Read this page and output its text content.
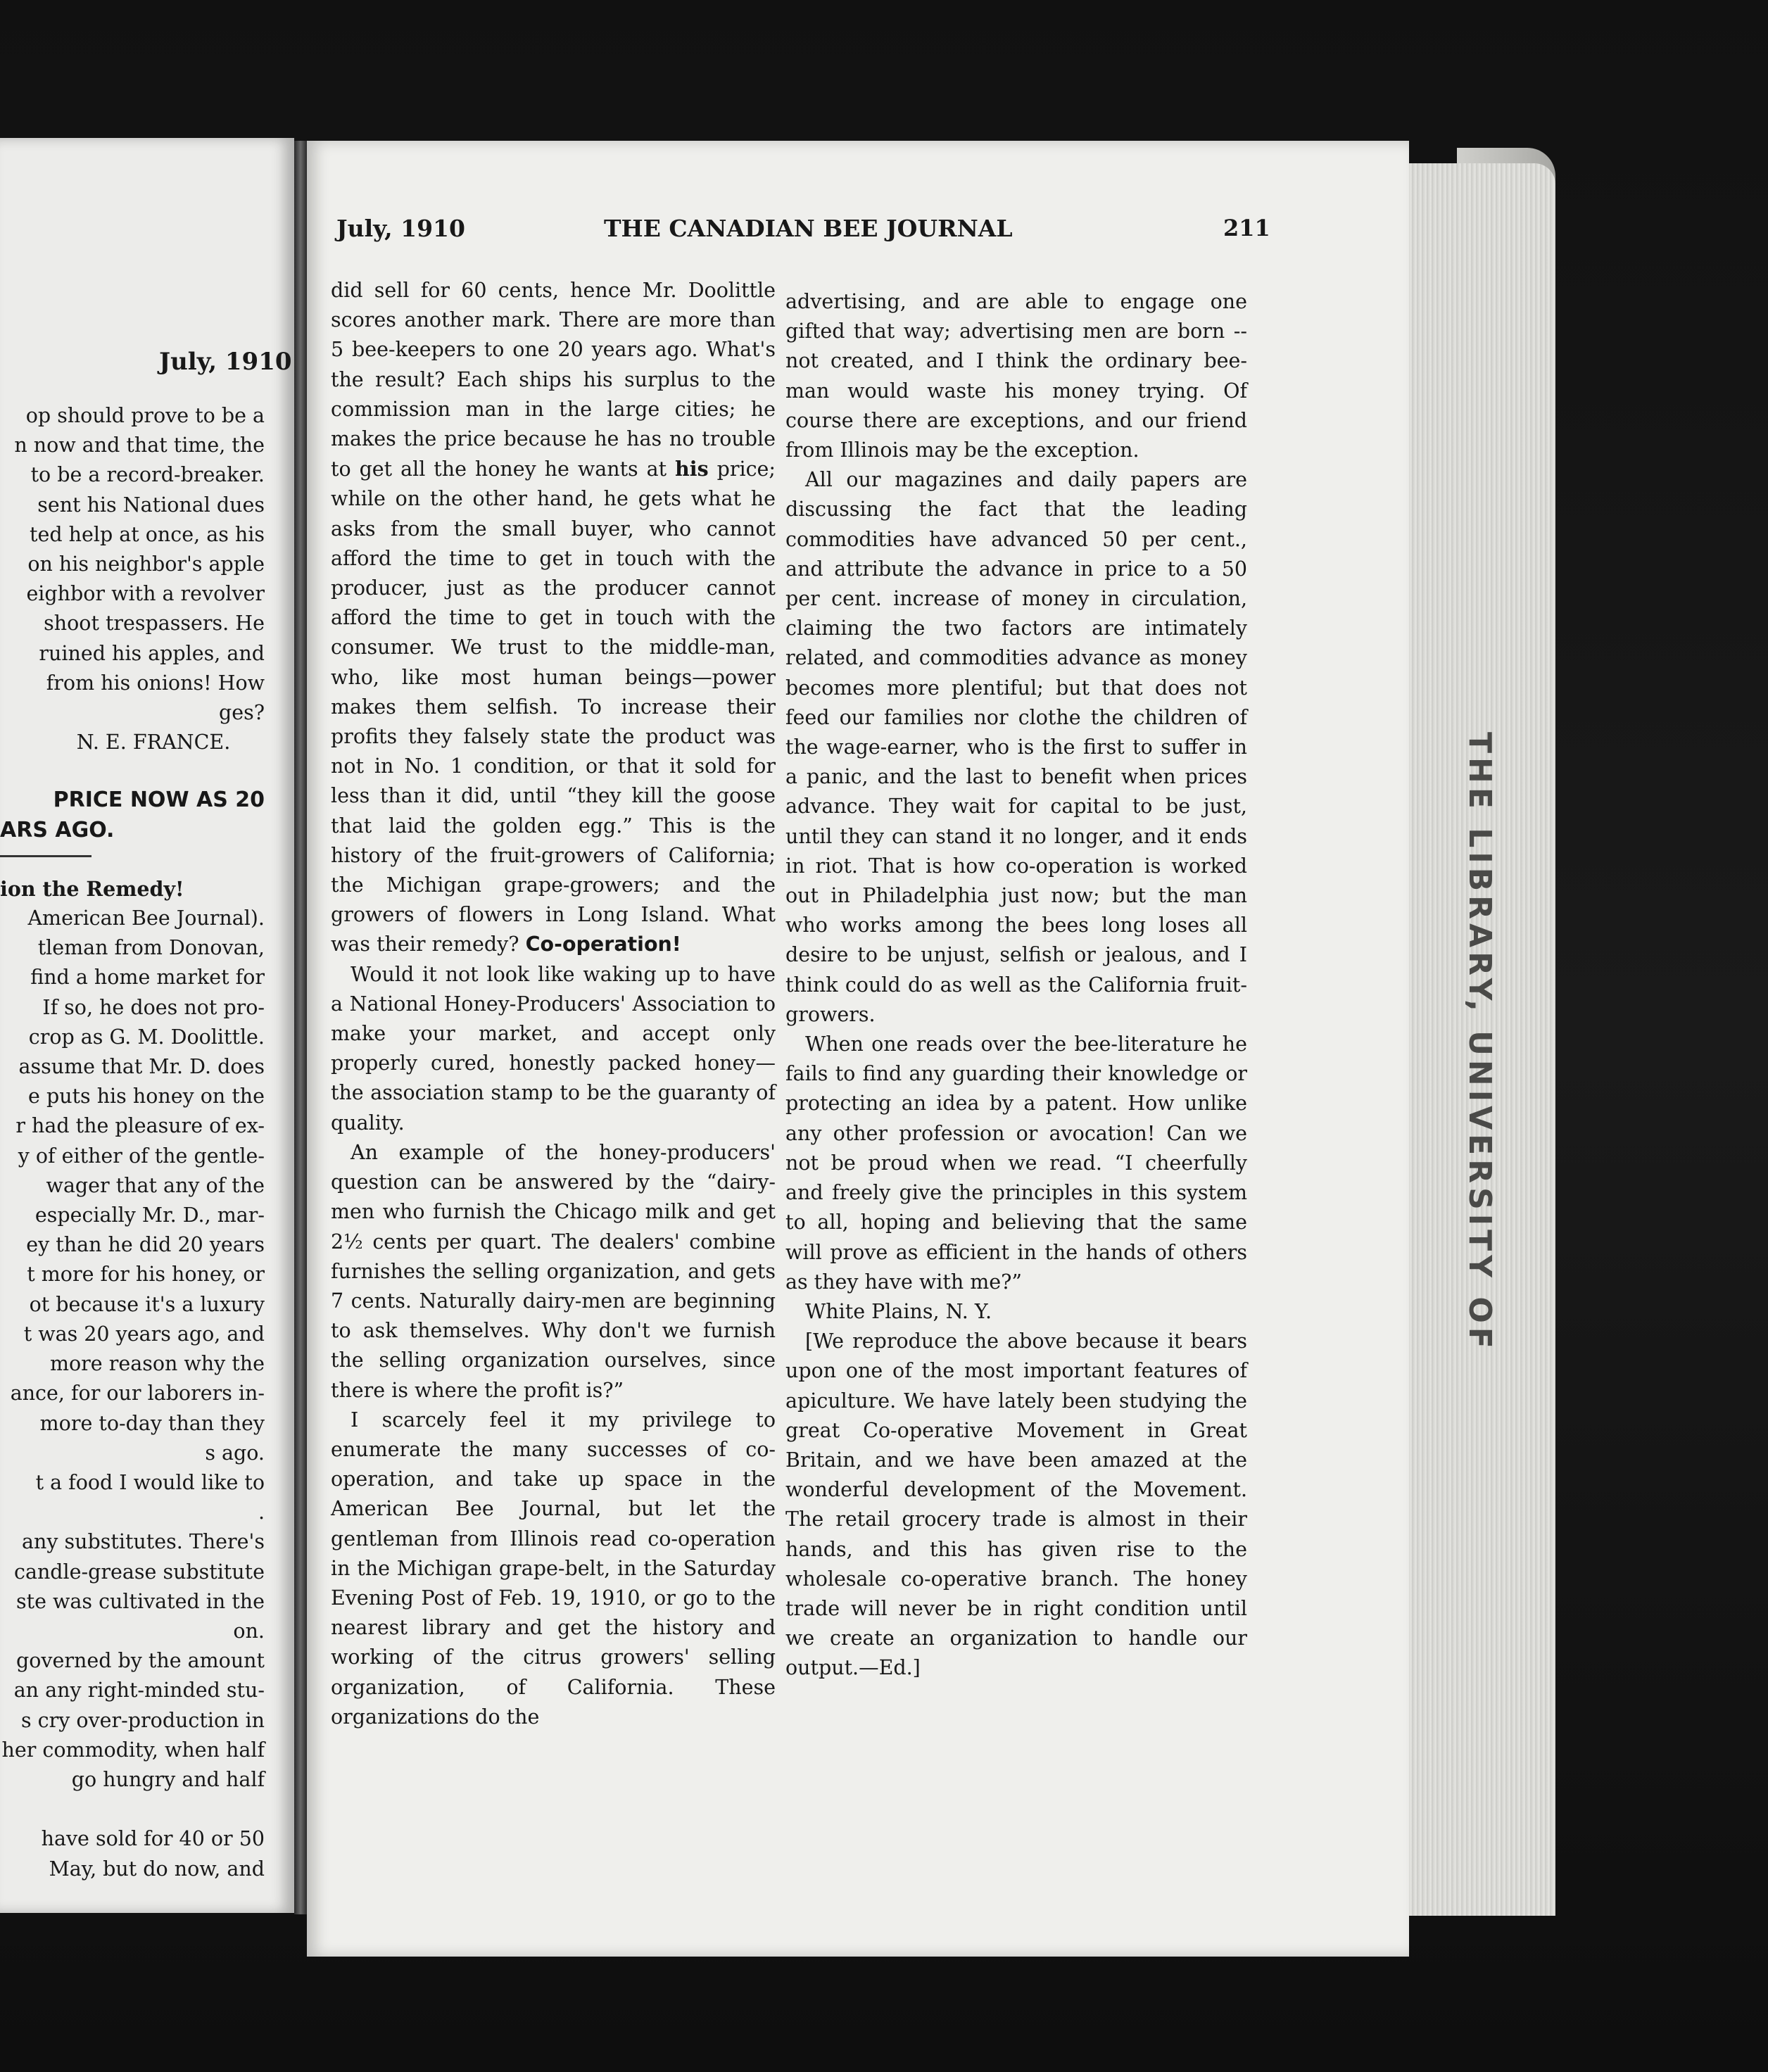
July, 1910
op should prove to be a
n now and that time, the
to be a record-breaker.
sent his National dues
ted help at once, as his
on his neighbor's apple
eighbor with a revolver
shoot trespassers. He
ruined his apples, and
from his onions! How
ges?
N. E. FRANCE.
PRICE NOW AS 20
ARS AGO.
ion the Remedy!
American Bee Journal).
tleman from Donovan,
find a home market for
If so, he does not pro-
crop as G. M. Doolittle.
assume that Mr. D. does
e puts his honey on the
r had the pleasure of ex-
y of either of the gentle-
wager that any of the
especially Mr. D., mar-
ey than he did 20 years
t more for his honey, or
ot because it's a luxury
t was 20 years ago, and
more reason why the
ance, for our laborers in-
more to-day than they
s ago.
t a food I would like to
.
any substitutes. There's
candle-grease substitute
ste was cultivated in the
on.
governed by the amount
an any right-minded stu-
s cry over-production in
her commodity, when half
go hungry and half

have sold for 40 or 50
May, but do now, and
THE LIBRARY, UNIVERSITY OF
July, 1910	THE CANADIAN BEE JOURNAL	211

did sell for 60 cents, hence Mr. Doolittle scores another mark. There are more than 5 bee-keepers to one 20 years ago. What's the result? Each ships his surplus to the commission man in the large cities; he makes the price because he has no trouble to get all the honey he wants at his price; while on the other hand, he gets what he asks from the small buyer, who cannot afford the time to get in touch with the producer, just as the producer cannot afford the time to get in touch with the consumer. We trust to the middle-man, who, like most human beings—power makes them selfish. To increase their profits they falsely state the product was not in No. 1 condition, or that it sold for less than it did, until “they kill the goose that laid the golden egg.” This is the history of the fruit-growers of California; the Michigan grape-growers; and the growers of flowers in Long Island. What was their remedy? Co-operation!

Would it not look like waking up to have a National Honey-Producers' Association to make your market, and accept only properly cured, honestly packed honey—the association stamp to be the guaranty of quality.

An example of the honey-producers' question can be answered by the “dairy-men who furnish the Chicago milk and get 2½ cents per quart. The dealers' combine furnishes the selling organization, and gets 7 cents. Naturally dairy-men are beginning to ask themselves. Why don't we furnish the selling organization ourselves, since there is where the profit is?”

I scarcely feel it my privilege to enumerate the many successes of co-operation, and take up space in the American Bee Journal, but let the gentleman from Illinois read co-operation in the Michigan grape-belt, in the Saturday Evening Post of Feb. 19, 1910, or go to the nearest library and get the history and working of the citrus growers' selling organization, of California. These organizations do the

advertising, and are able to engage one gifted that way; advertising men are born --not created, and I think the ordinary bee-man would waste his money trying. Of course there are exceptions, and our friend from Illinois may be the exception.

All our magazines and daily papers are discussing the fact that the leading commodities have advanced 50 per cent., and attribute the advance in price to a 50 per cent. increase of money in circulation, claiming the two factors are intimately related, and commodities advance as money becomes more plentiful; but that does not feed our families nor clothe the children of the wage-earner, who is the first to suffer in a panic, and the last to benefit when prices advance. They wait for capital to be just, until they can stand it no longer, and it ends in riot. That is how co-operation is worked out in Philadelphia just now; but the man who works among the bees long loses all desire to be unjust, selfish or jealous, and I think could do as well as the California fruit-growers.

When one reads over the bee-literature he fails to find any guarding their knowledge or protecting an idea by a patent. How unlike any other profession or avocation! Can we not be proud when we read. “I cheerfully and freely give the principles in this system to all, hoping and believing that the same will prove as efficient in the hands of others as they have with me?”

White Plains, N. Y.

[We reproduce the above because it bears upon one of the most important features of apiculture. We have lately been studying the great Co-operative Movement in Great Britain, and we have been amazed at the wonderful development of the Movement. The retail grocery trade is almost in their hands, and this has given rise to the wholesale co-operative branch. The honey trade will never be in right condition until we create an organization to handle our output.—Ed.]
